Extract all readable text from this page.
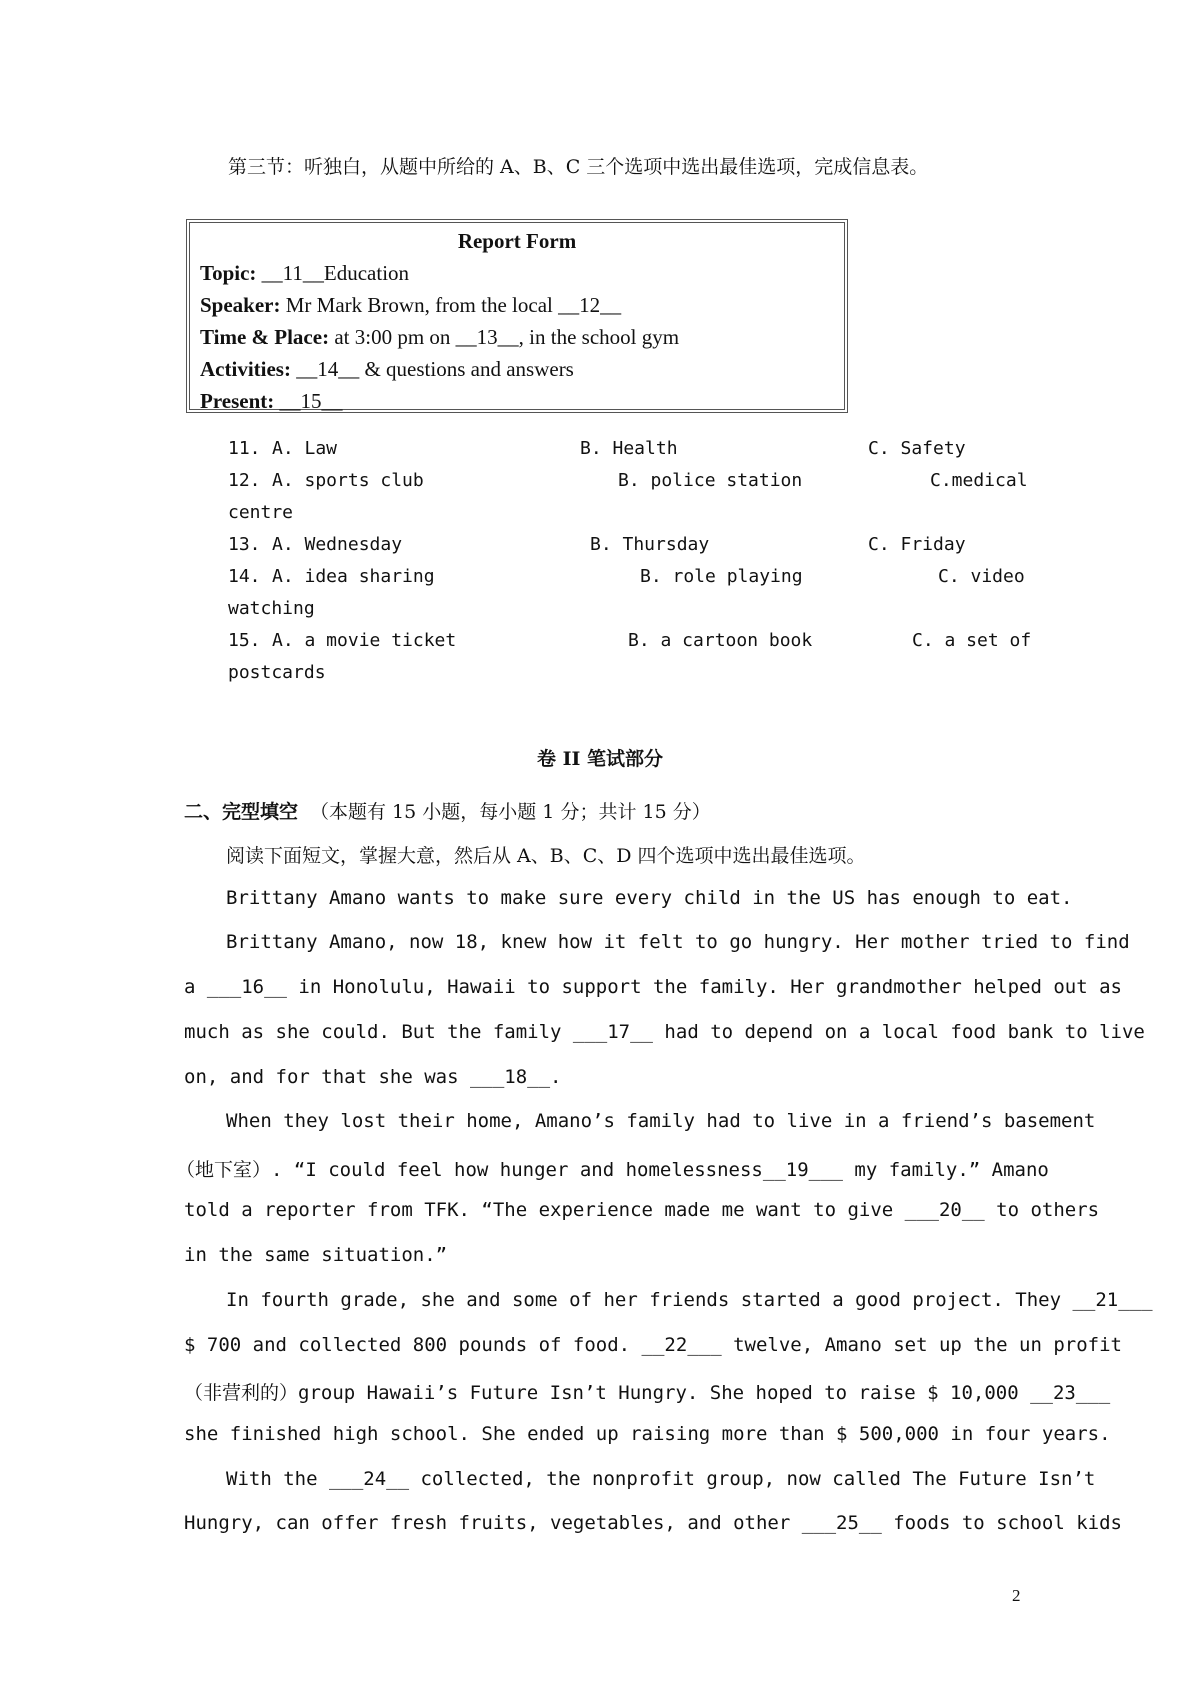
第三节：听独白，从题中所给的 A、B、C 三个选项中选出最佳选项，完成信息表。
Report Form
Topic: __11__Education
Speaker: Mr Mark Brown, from the local __12__
Time & Place: at 3:00 pm on __13__, in the school gym
Activities: __14__ & questions and answers
Present: __15__
11. A. Law	B. Health	C. Safety
12. A. sports club	B. police station	C.medical
centre
13. A. Wednesday	B. Thursday	C. Friday
14. A. idea sharing	B. role playing	C. video
watching
15. A. a movie ticket	B. a cartoon book	C. a set of
postcards
卷 II 笔试部分
二、完型填空 （本题有 15 小题，每小题 1 分；共计 15 分）
阅读下面短文，掌握大意，然后从 A、B、C、D 四个选项中选出最佳选项。
Brittany Amano wants to make sure every child in the US has enough to eat.
Brittany Amano, now 18, knew how it felt to go hungry. Her mother tried to find
a ___16__ in Honolulu, Hawaii to support the family. Her grandmother helped out as
much as she could. But the family ___17__ had to depend on a local food bank to live
on, and for that she was ___18__.
When they lost their home, Amano’s family had to live in a friend’s basement
（地下室）. “I could feel how hunger and homelessness__19___ my family.” Amano
told a reporter from TFK. “The experience made me want to give ___20__ to others
in the same situation.”
In fourth grade, she and some of her friends started a good project. They __21___
$ 700 and collected 800 pounds of food. __22___ twelve, Amano set up the un profit
（非营利的）group Hawaii’s Future Isn’t Hungry. She hoped to raise $ 10,000 __23___
she finished high school. She ended up raising more than $ 500,000 in four years.
With the ___24__ collected, the nonprofit group, now called The Future Isn’t
Hungry, can offer fresh fruits, vegetables, and other ___25__ foods to school kids
2
